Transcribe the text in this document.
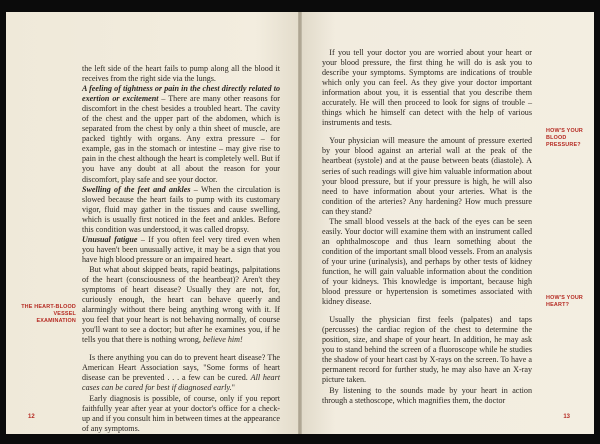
the left side of the heart fails to pump along all the blood it receives from the right side via the lungs.

A feeling of tightness or pain in the chest directly related to exertion or excitement – There are many other reasons for discomfort in the chest besides a troubled heart. The cavity of the chest and the upper part of the abdomen, which is separated from the chest by only a thin sheet of muscle, are packed tightly with organs. Any extra pressure – for example, gas in the stomach or intestine – may give rise to pain in the chest although the heart is completely well. But if you have any doubt at all about the reason for your discomfort, play safe and see your doctor.

Swelling of the feet and ankles – When the circulation is slowed because the heart fails to pump with its customary vigor, fluid may gather in the tissues and cause swelling, which is usually first noticed in the feet and ankles. Before this condition was understood, it was called dropsy.

Unusual fatigue – If you often feel very tired even when you haven't been unusually active, it may be a sign that you have high blood pressure or an impaired heart.

But what about skipped beats, rapid beatings, palpitations of the heart (consciousness of the heartbeat)? Aren't they symptoms of heart disease? Usually they are not, for, curiously enough, the heart can behave queerly and alarmingly without there being anything wrong with it. If you feel that your heart is not behaving normally, of course you'll want to see a doctor; but after he examines you, if he tells you that there is nothing wrong, believe him!

Is there anything you can do to prevent heart disease? The American Heart Association says, "Some forms of heart disease can be prevented . . . a few can be cured. All heart cases can be cared for best if diagnosed early."

Early diagnosis is possible, of course, only if you report faithfully year after year at your doctor's office for a check-up and if you consult him in between times at the appearance of any symptoms.

THE HEART-BLOOD
VESSEL
EXAMINATION
12

If you tell your doctor you are worried about your heart or your blood pressure, the first thing he will do is ask you to describe your symptoms. Symptoms are indications of trouble which only you can feel. As they give your doctor important information about you, it is essential that you describe them accurately. He will then proceed to look for signs of trouble – things which he himself can detect with the help of various instruments and tests.

Your physician will measure the amount of pressure exerted by your blood against an arterial wall at the peak of the heartbeat (systole) and at the pause between beats (diastole). A series of such readings will give him valuable information about your blood pressure, but if your pressure is high, he will also need to have information about your arteries. What is the condition of the arteries? Any hardening? How much pressure can they stand?

The small blood vessels at the back of the eyes can be seen easily. Your doctor will examine them with an instrument called an ophthalmoscope and thus learn something about the condition of the important small blood vessels. From an analysis of your urine (urinalysis), and perhaps by other tests of kidney function, he will gain valuable information about the condition of your kidneys. This knowledge is important, because high blood pressure or hypertension is sometimes associated with kidney disease.

Usually the physician first feels (palpates) and taps (percusses) the cardiac region of the chest to determine the position, size, and shape of your heart. In addition, he may ask you to stand behind the screen of a fluoroscope while he studies the shadow of your heart cast by X-rays on the screen. To have a permanent record for further study, he may also have an X-ray picture taken.

By listening to the sounds made by your heart in action through a stethoscope, which magnifies them, the doctor

HOW'S YOUR
BLOOD
PRESSURE?
HOW'S YOUR
HEART?
13
